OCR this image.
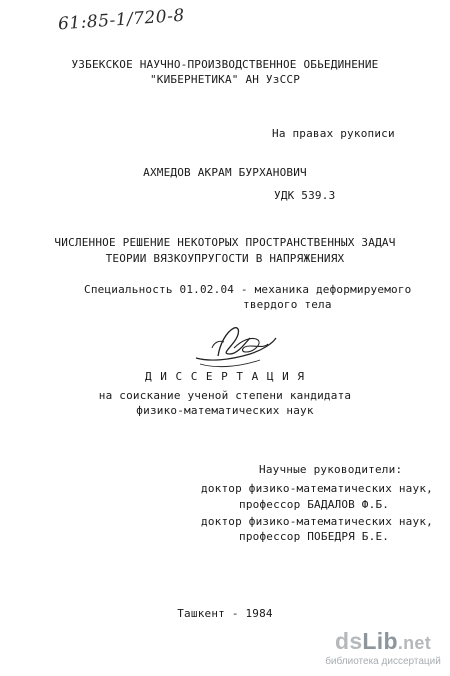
61:85-1/720-8
УЗБЕКСКОЕ НАУЧНО-ПРОИЗВОДСТВЕННОЕ ОБЬЕДИНЕНИЕ
"КИБЕРНЕТИКА" АН УзССР
На правах рукописи
АХМЕДОВ АКРАМ БУРХАНОВИЧ
УДК 539.3
ЧИСЛЕННОЕ РЕШЕНИЕ НЕКОТОРЫХ ПРОСТРАНСТВЕННЫХ ЗАДАЧ
ТЕОРИИ ВЯЗКОУПРУГОСТИ В НАПРЯЖЕНИЯХ
Специальность 01.02.04 - механика деформируемого
твердого тела
Д И С С Е Р Т А Ц И Я
на соискание ученой степени кандидата
физико-математических наук
Научные руководители:
доктор физико-математических наук,
профессор БАДАЛОВ Ф.Б.
доктор физико-математических наук,
профессор ПОБЕДРЯ Б.Е.
Ташкент - 1984
dsLib.net
библиотека диссертаций
